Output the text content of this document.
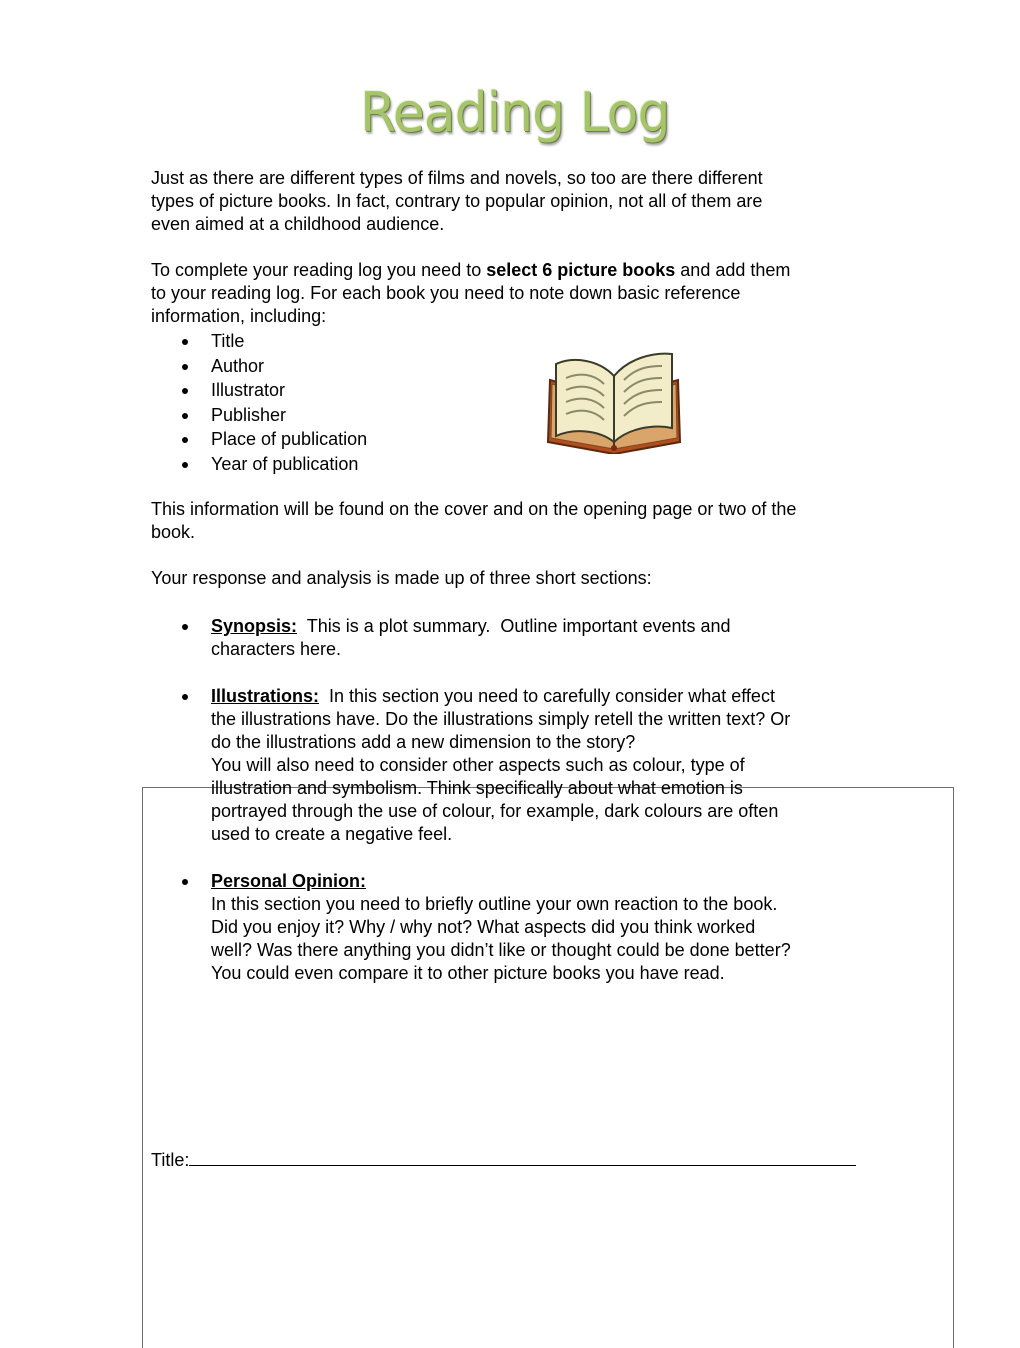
Reading Log
Just as there are different types of films and novels, so too are there different
types of picture books. In fact, contrary to popular opinion, not all of them are
even aimed at a childhood audience.
To complete your reading log you need to select 6 picture books and add them
to your reading log. For each book you need to note down basic reference
information, including:
Title
Author
Illustrator
Publisher
Place of publication
Year of publication
This information will be found on the cover and on the opening page or two of the
book.
Your response and analysis is made up of three short sections:
Synopsis:  This is a plot summary.  Outline important events and
characters here.
Illustrations:  In this section you need to carefully consider what effect
the illustrations have. Do the illustrations simply retell the written text? Or
do the illustrations add a new dimension to the story?
You will also need to consider other aspects such as colour, type of
illustration and symbolism. Think specifically about what emotion is
portrayed through the use of colour, for example, dark colours are often
used to create a negative feel.
Personal Opinion:
In this section you need to briefly outline your own reaction to the book.
Did you enjoy it? Why / why not? What aspects did you think worked
well? Was there anything you didn’t like or thought could be done better?
You could even compare it to other picture books you have read.
Title:
